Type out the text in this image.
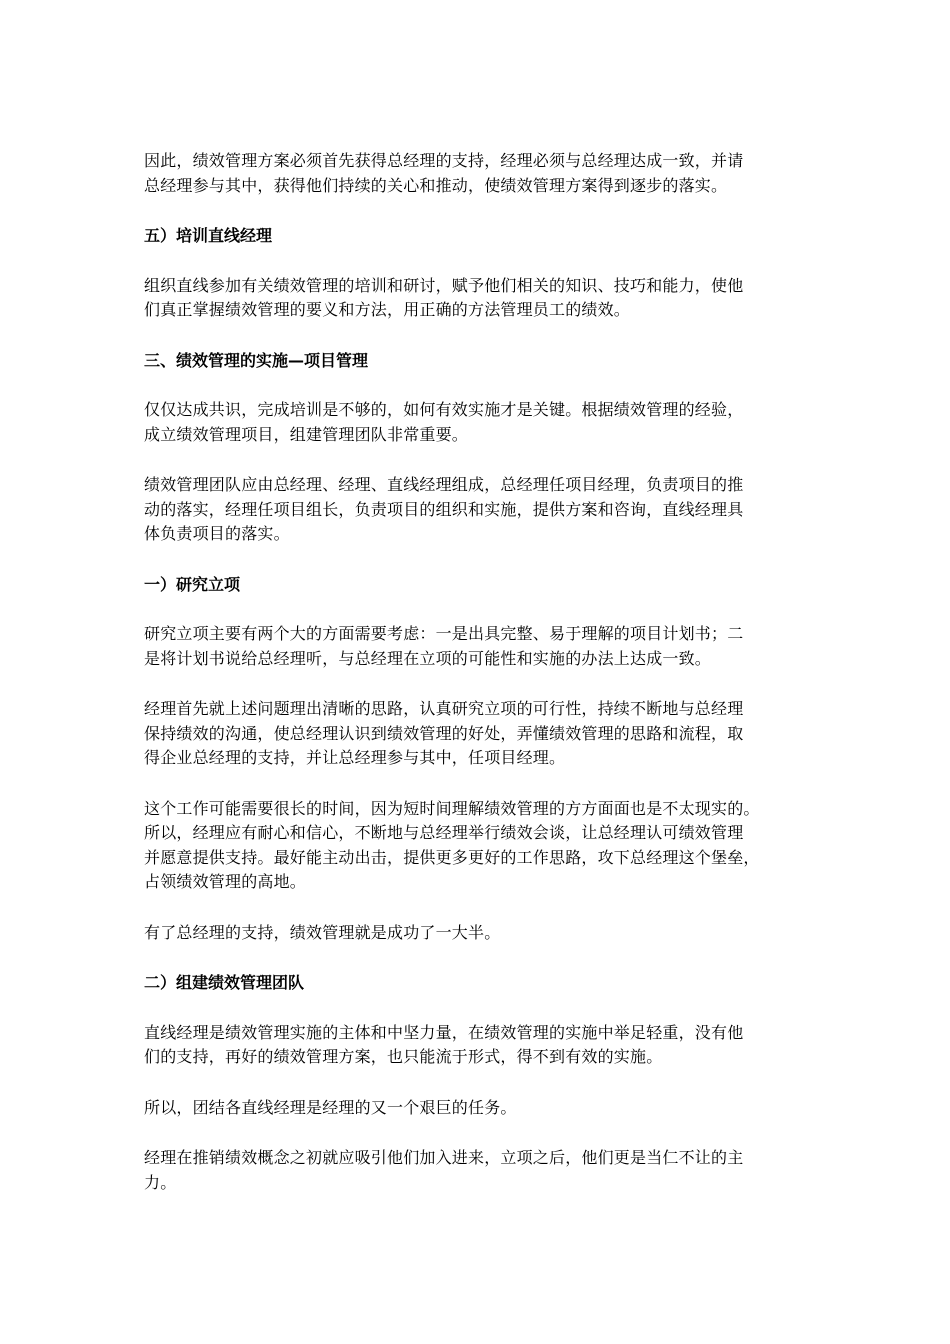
因此，绩效管理方案必须首先获得总经理的支持，经理必须与总经理达成一致，并请
总经理参与其中，获得他们持续的关心和推动，使绩效管理方案得到逐步的落实。

五）培训直线经理

组织直线参加有关绩效管理的培训和研讨，赋予他们相关的知识、技巧和能力，使他
们真正掌握绩效管理的要义和方法，用正确的方法管理员工的绩效。

三、绩效管理的实施—项目管理

仅仅达成共识，完成培训是不够的，如何有效实施才是关键。根据绩效管理的经验，
成立绩效管理项目，组建管理团队非常重要。

绩效管理团队应由总经理、经理、直线经理组成，总经理任项目经理，负责项目的推
动的落实，经理任项目组长，负责项目的组织和实施，提供方案和咨询，直线经理具
体负责项目的落实。

一）研究立项

研究立项主要有两个大的方面需要考虑：一是出具完整、易于理解的项目计划书；二
是将计划书说给总经理听，与总经理在立项的可能性和实施的办法上达成一致。

经理首先就上述问题理出清晰的思路，认真研究立项的可行性，持续不断地与总经理
保持绩效的沟通，使总经理认识到绩效管理的好处，弄懂绩效管理的思路和流程，取
得企业总经理的支持，并让总经理参与其中，任项目经理。

这个工作可能需要很长的时间，因为短时间理解绩效管理的方方面面也是不太现实的。
所以，经理应有耐心和信心，不断地与总经理举行绩效会谈，让总经理认可绩效管理
并愿意提供支持。最好能主动出击，提供更多更好的工作思路，攻下总经理这个堡垒，
占领绩效管理的高地。

有了总经理的支持，绩效管理就是成功了一大半。

二）组建绩效管理团队

直线经理是绩效管理实施的主体和中坚力量，在绩效管理的实施中举足轻重，没有他
们的支持，再好的绩效管理方案，也只能流于形式，得不到有效的实施。

所以，团结各直线经理是经理的又一个艰巨的任务。

经理在推销绩效概念之初就应吸引他们加入进来，立项之后，他们更是当仁不让的主
力。
